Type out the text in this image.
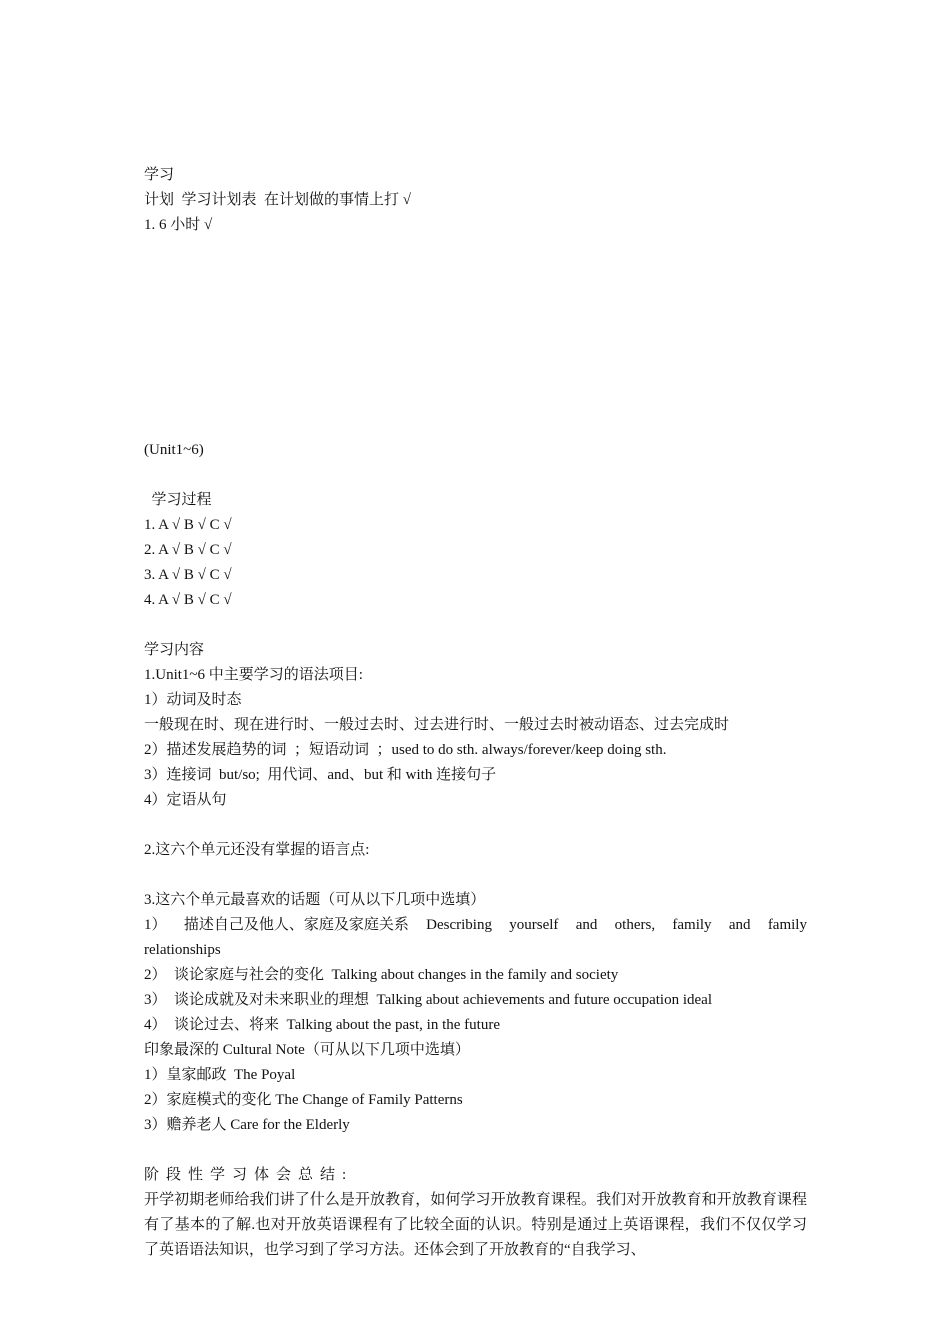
学习
计划  学习计划表  在计划做的事情上打 √
1. 6 小时 √

(Unit1~6)
学习过程
1. A √ B √ C √
2. A √ B √ C √
3. A √ B √ C √
4. A √ B √ C √
学习内容
1.Unit1~6 中主要学习的语法项目:
1）动词及时态
一般现在时、现在进行时、一般过去时、过去进行时、一般过去时被动语态、过去完成时
2）描述发展趋势的词  ；短语动词  ；used to do sth. always/forever/keep doing sth.
3）连接词  but/so;  用代词、and、but 和 with 连接句子
4）定语从句
2.这六个单元还没有掌握的语言点:

3.这六个单元最喜欢的话题（可从以下几项中选填）
1） 描述自己及他人、家庭及家庭关系 Describing yourself and others, family and family
relationships
2）  谈论家庭与社会的变化  Talking about changes in the family and society
3）  谈论成就及对未来职业的理想  Talking about achievements and future occupation ideal
4）  谈论过去、将来  Talking about the past, in the future
印象最深的 Cultural Note（可从以下几项中选填）
1）皇家邮政  The Poyal
2）家庭模式的变化 The Change of Family Patterns
3）赡养老人 Care for the Elderly
阶段性学习体会总结:
开学初期老师给我们讲了什么是开放教育，如何学习开放教育课程。我们对开放教育和开放教育课程有了基本的了解.也对开放英语课程有了比较全面的认识。特别是通过上英语课程，我们不仅仅学习了英语语法知识，也学习到了学习方法。还体会到了开放教育的“自我学习、
